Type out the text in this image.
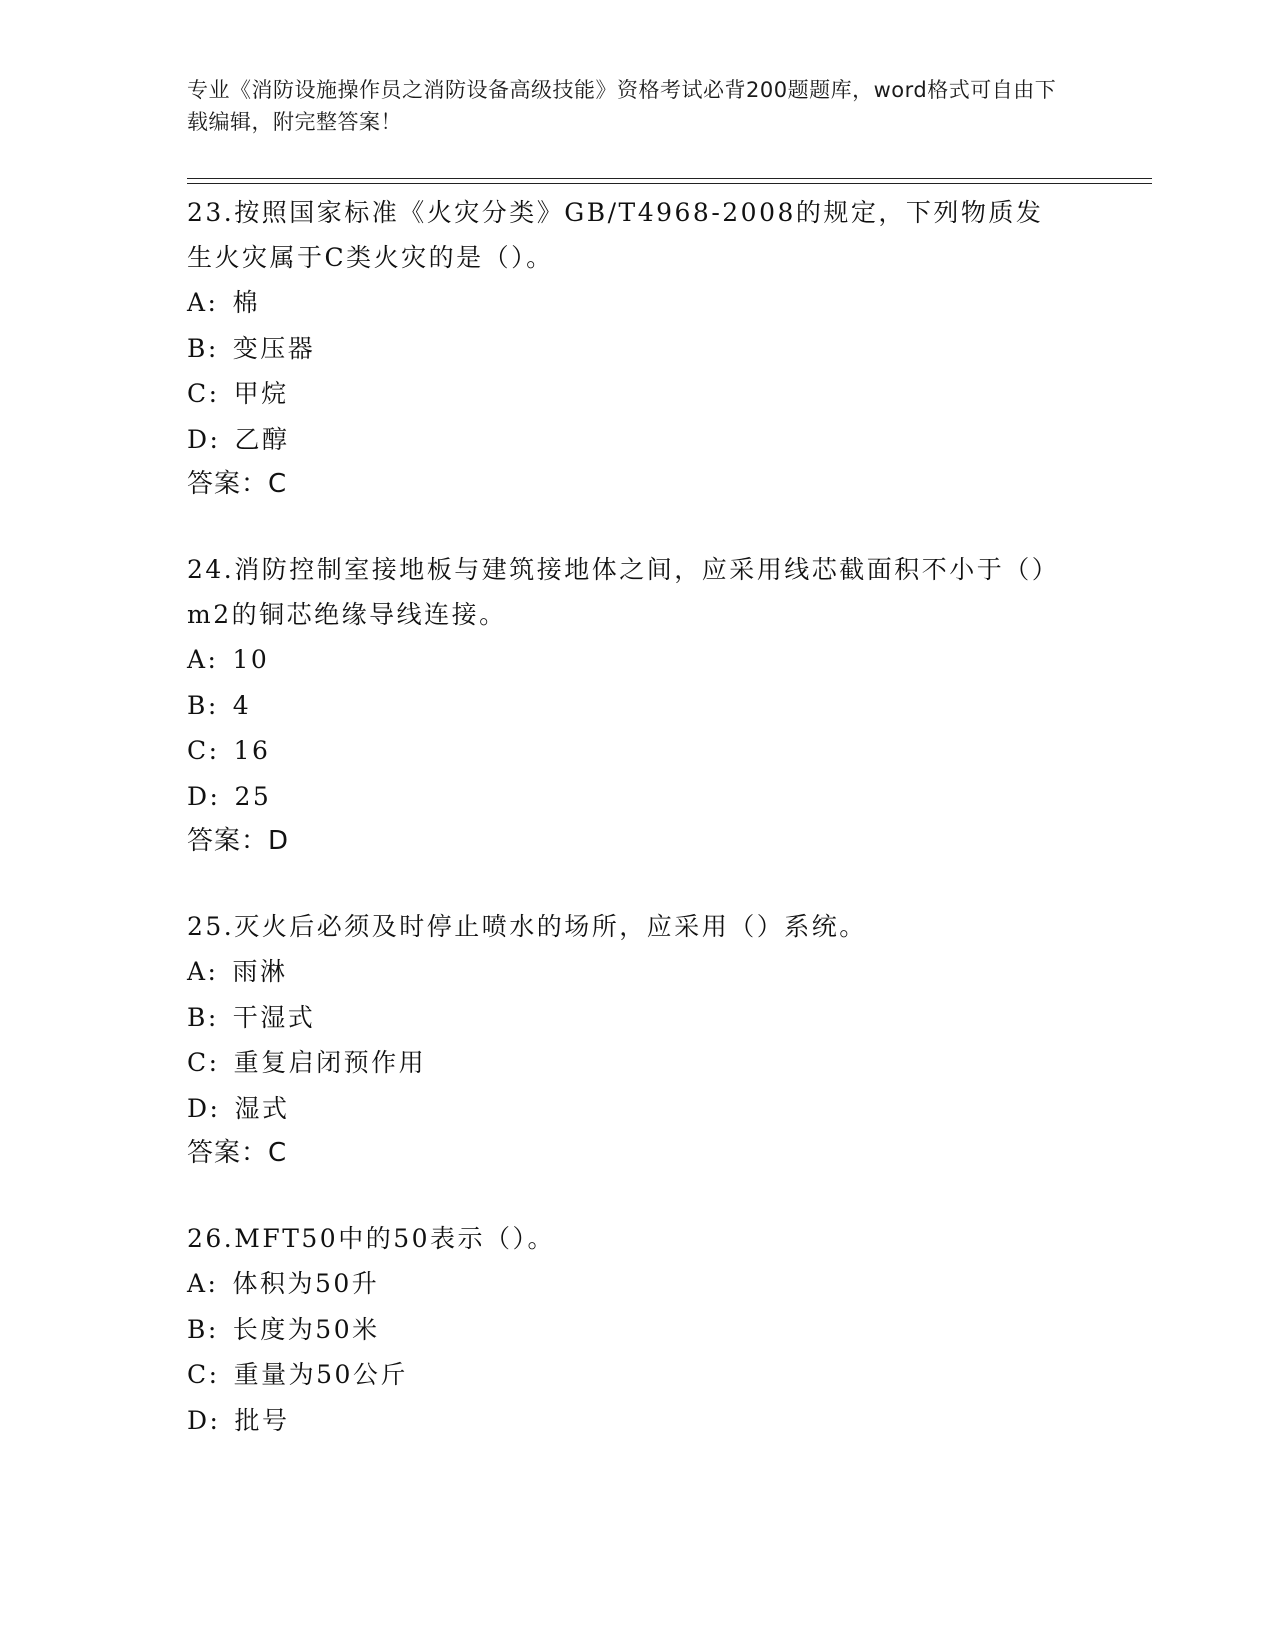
专业《消防设施操作员之消防设备高级技能》资格考试必背200题题库，word格式可自由下载编辑，附完整答案！

23.按照国家标准《火灾分类》GB/T4968-2008的规定，下列物质发生火灾属于C类火灾的是（）。

A: 棉

B: 变压器

C: 甲烷

D: 乙醇

答案：C

24.消防控制室接地板与建筑接地体之间，应采用线芯截面积不小于（）m2的铜芯绝缘导线连接。

A: 10

B: 4

C: 16

D: 25

答案：D

25.灭火后必须及时停止喷水的场所，应采用（）系统。

A: 雨淋

B: 干湿式

C: 重复启闭预作用

D: 湿式

答案：C

26.MFT50中的50表示（）。

A: 体积为50升

B: 长度为50米

C: 重量为50公斤

D: 批号
